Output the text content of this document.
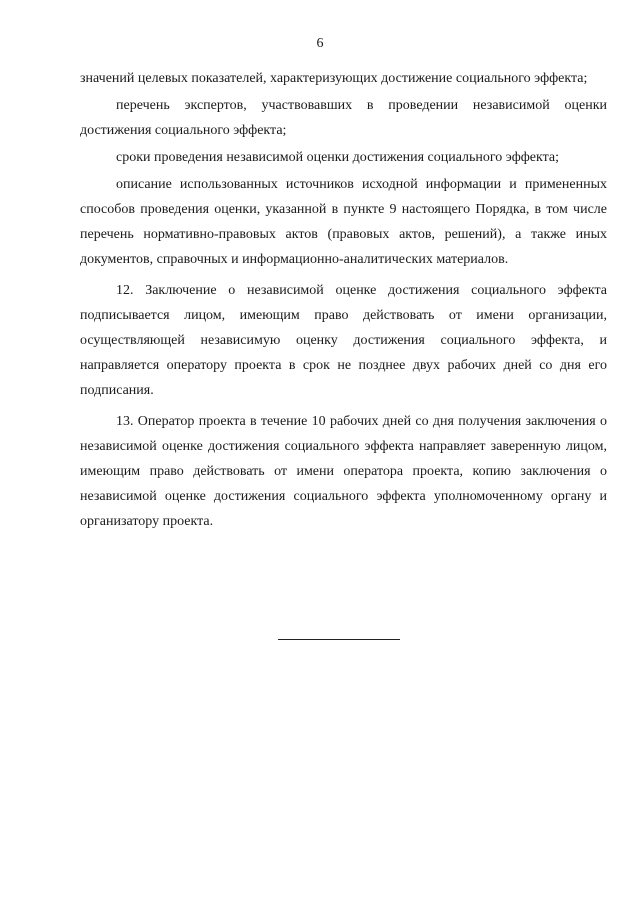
6

значений целевых показателей, характеризующих достижение социального эффекта;

перечень экспертов, участвовавших в проведении независимой оценки достижения социального эффекта;

сроки проведения независимой оценки достижения социального эффекта;

описание использованных источников исходной информации и примененных способов проведения оценки, указанной в пункте 9 настоящего Порядка, в том числе перечень нормативно-правовых актов (правовых актов, решений), а также иных документов, справочных и информационно-аналитических материалов.

12. Заключение о независимой оценке достижения социального эффекта подписывается лицом, имеющим право действовать от имени организации, осуществляющей независимую оценку достижения социального эффекта, и направляется оператору проекта в срок не позднее двух рабочих дней со дня его подписания.

13. Оператор проекта в течение 10 рабочих дней со дня получения заключения о независимой оценке достижения социального эффекта направляет заверенную лицом, имеющим право действовать от имени оператора проекта, копию заключения о независимой оценке достижения социального эффекта уполномоченному органу и организатору проекта.
